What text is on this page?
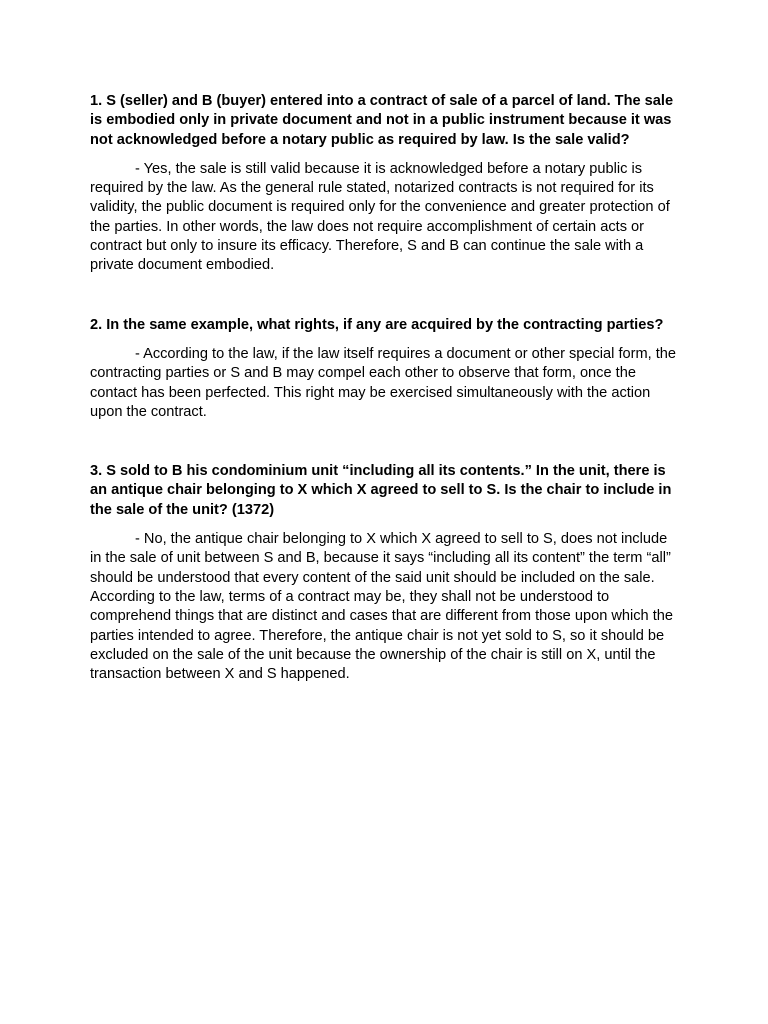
1. S (seller) and B (buyer) entered into a contract of sale of a parcel of land. The sale is embodied only in private document and not in a public instrument because it was not acknowledged before a notary public as required by law. Is the sale valid?

- Yes, the sale is still valid because it is acknowledged before a notary public is required by the law. As the general rule stated, notarized contracts is not required for its validity, the public document is required only for the convenience and greater protection of the parties. In other words, the law does not require accomplishment of certain acts or contract but only to insure its efficacy. Therefore, S and B can continue the sale with a private document embodied.

2. In the same example, what rights, if any are acquired by the contracting parties?

- According to the law, if the law itself requires a document or other special form, the contracting parties or S and B may compel each other to observe that form, once the contact has been perfected. This right may be exercised simultaneously with the action upon the contract.

3. S sold to B his condominium unit “including all its contents.” In the unit, there is an antique chair belonging to X which X agreed to sell to S. Is the chair to include in the sale of the unit? (1372)

- No, the antique chair belonging to X which X agreed to sell to S, does not include in the sale of unit between S and B, because it says “including all its content” the term “all” should be understood that every content of the said unit should be included on the sale. According to the law, terms of a contract may be, they shall not be understood to comprehend things that are distinct and cases that are different from those upon which the parties intended to agree. Therefore, the antique chair is not yet sold to S, so it should be excluded on the sale of the unit because the ownership of the chair is still on X, until the transaction between X and S happened.
